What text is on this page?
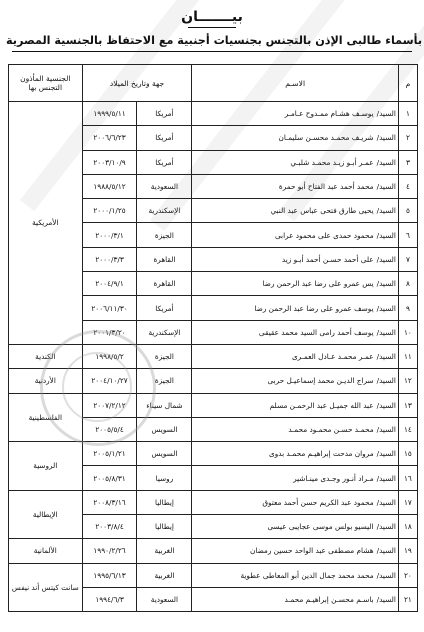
بيـــــــان
بأسماء طالبى الإذن بالتجنس بجنسيات أجنبية مع الاحتفاظ بالجنسية المصرية
م	الاسـم	جهة وتاريخ الميلاد		الجنسية المأذون التجنس بها
١	السيد/يوسـف هشـام ممـدوح عـامـر	أمريكا	١٩٩٩/٥/١١	الأمريكية
٢	السيد/شريـف محمـد محسـن سليمـان	أمريكا	٢٠٠٦/٦/٢٣	
٣	السيد/عمـر أبـو زيـد محمـد شلبـي	أمريكا	٢٠٠٣/١٠/٩	
٤	السيد/محمد أحمد عبد الفتاح أبو حمرة	السعودية	١٩٨٨/٥/١٢	
٥	السيد/يحيى طارق فتحى عباس عبد النبي	الإسكندرية	٢٠٠٠/١/٢٥	
٦	السيد/محمود حمدى على محمود عرابى	الجيزة	٢٠٠٠/٣/١	
٧	السيد/على أحمد حسـن أحمد أبـو زيد	القاهرة	٢٠٠٠/٣/٣	
٨	السيد/يس عمرو على رضا عبد الرحمن رضا	القاهرة	٢٠٠٤/٩/١	
٩	السيد/يوسف عمرو على رضا عبد الرحمن رضا	أمريكا	٢٠٠٦/١١/٣٠	
١٠	السيد/يوسف أحمد رامى السيد محمد عقيقى	الإسكندرية	٢٠٠١/٣/٢٠	
١١	السيد/عمـر محمـد عـادل العمـرى	الجيزة	١٩٩٨/٥/٢	الكندية
١٢	السيد/سراج الديـن محمد إسماعيـل حربى	الجيزة	٢٠٠٤/١٠/٢٧	الأردنية
١٣	السيد/عبد الله جميـل عبد الرحمـن مسلم	شمال سيناء	٢٠٠٧/٢/١٢	الفلسطينية
١٤	السيد/محمـد حسـن محمـود محمـد	السويس	٢٠٠٥/٥/٤	
١٥	السيد/مروان مدحت إبراهيـم محمـد بدوى	السويس	٢٠٠٥/١/٢١	الروسية
١٦	السيد/مـراد أنـور وجـدى مينـاشير	روسيا	٢٠٠٥/٨/٣١	
١٧	السيد/محمود عبد الكريم حسن أحمد معتوق	إيطاليا	٢٠٠٨/٣/١٦	الإيطالية
١٨	السيد/اليسيو بولس موسى عجايبى عيسى	إيطاليا	٢٠٠٣/٨/٤	
١٩	السيد/هشام مصطفى عبد الواحد حسين رمضان	الغربية	١٩٩٠/٢/٢٦	الألمانية
٢٠	السيد/محمد محمد جمال الدين أبو المعاطى عطوية	الغربية	١٩٩٥/٦/١٣	سانت كيتس أند نيفس
٢١	السيد/باسـم محسـن إبراهيـم محمـد	السعودية	١٩٩٤/٦/٣	
